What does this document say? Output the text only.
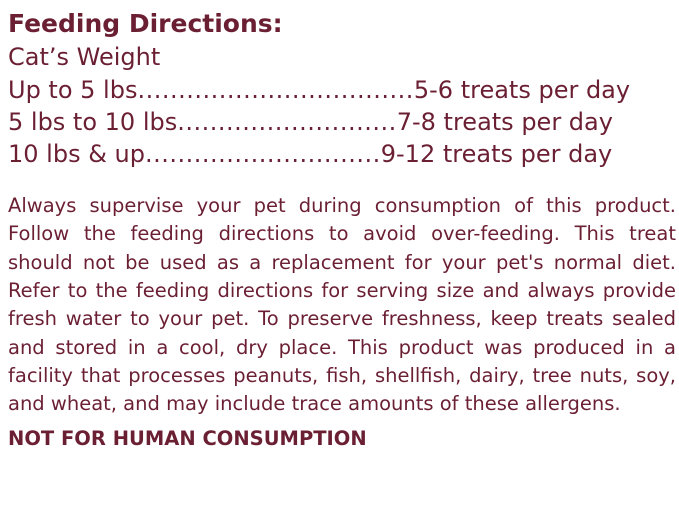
Feeding Directions:
Cat’s Weight
Up to 5 lbs..................................5-6 treats per day
5 lbs to 10 lbs...........................7-8 treats per day
10 lbs & up.............................9-12 treats per day

Always supervise your pet during consumption of this product. Follow the feeding directions to avoid over-feeding. This treat should not be used as a replacement for your pet's normal diet. Refer to the feeding directions for serving size and always provide fresh water to your pet. To preserve freshness, keep treats sealed and stored in a cool, dry place. This product was produced in a facility that processes peanuts, fish, shellfish, dairy, tree nuts, soy, and wheat, and may include trace amounts of these allergens.

NOT FOR HUMAN CONSUMPTION
